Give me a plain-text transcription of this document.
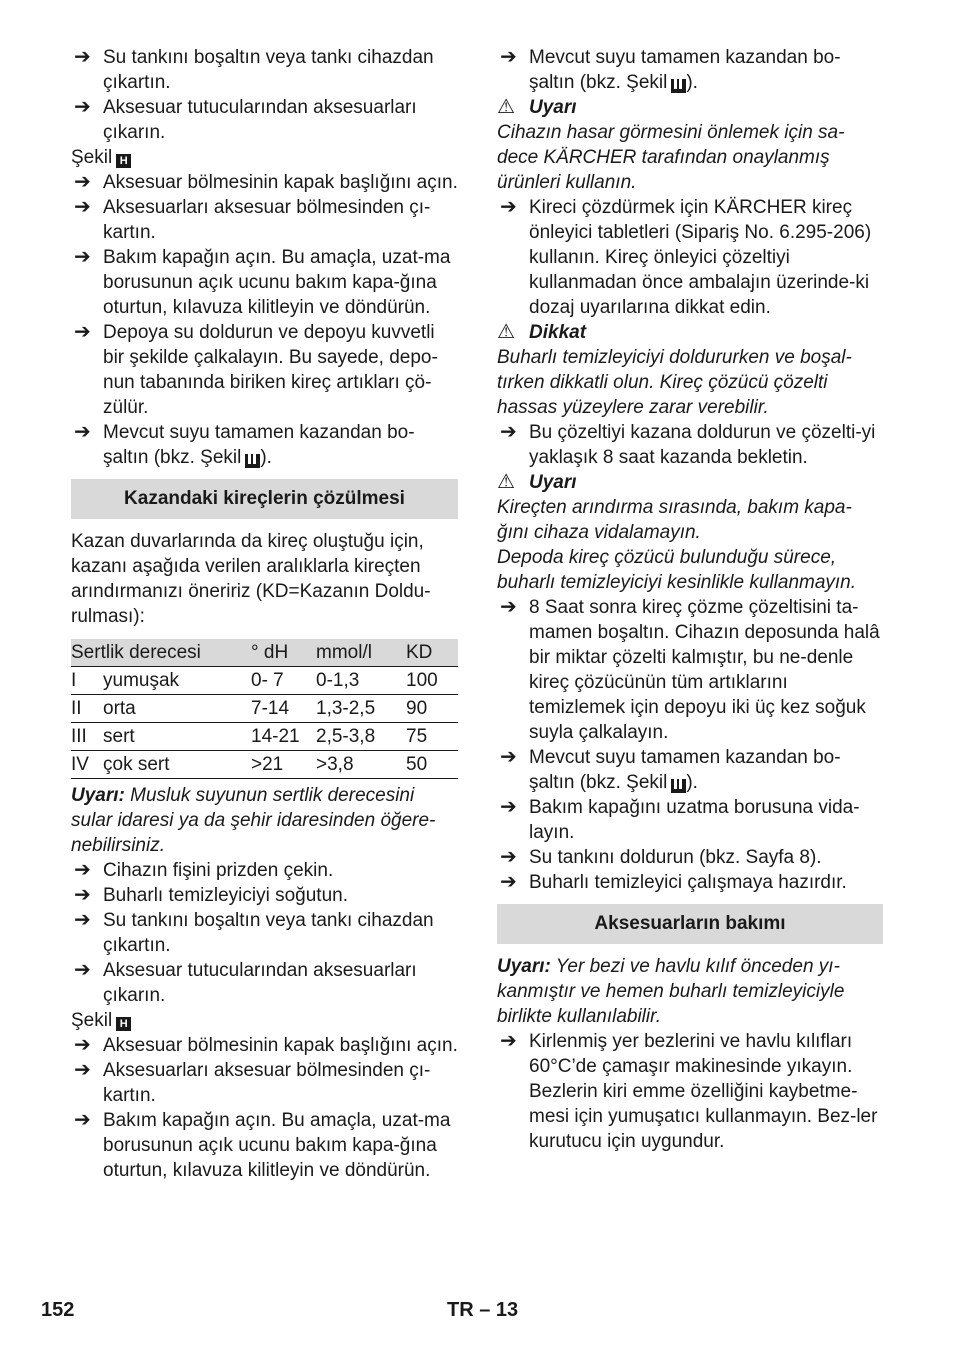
➔ Su tankını boşaltın veya tankı cihazdan çıkartın.
➔ Aksesuar tutucularından aksesuarları çıkarın.
Şekil H
➔ Aksesuar bölmesinin kapak başlığını açın.
➔ Aksesuarları aksesuar bölmesinden çı-kartın.
➔ Bakım kapağın açın. Bu amaçla, uzat-ma borusunun açık ucunu bakım kapa-ğına oturtun, kılavuza kilitleyin ve döndürün.
➔ Depoya su doldurun ve depoyu kuvvetli bir şekilde çalkalayın. Bu sayede, depo-nun tabanında biriken kireç artıkları çö-zülür.
➔ Mevcut suyu tamamen kazandan bo-şaltın (bkz. Şekil ).
Kazandaki kireçlerin çözülmesi
Kazan duvarlarında da kireç oluştuğu için, kazanı aşağıda verilen aralıklarla kireçten arındırmanızı öneririz (KD=Kazanın Doldu-rulması):
Sertlik derecesi		° dH	mmol/l	KD
I	yumuşak	0- 7	0-1,3	100
II	orta	7-14	1,3-2,5	90
III	sert	14-21	2,5-3,8	75
IV	çok sert	>21	>3,8	50
Uyarı: Musluk suyunun sertlik derecesini sular idaresi ya da şehir idaresinden öğere-nebilirsiniz.
➔ Cihazın fişini prizden çekin.
➔ Buharlı temizleyiciyi soğutun.
➔ Su tankını boşaltın veya tankı cihazdan çıkartın.
➔ Aksesuar tutucularından aksesuarları çıkarın.
Şekil H
➔ Aksesuar bölmesinin kapak başlığını açın.
➔ Aksesuarları aksesuar bölmesinden çı-kartın.
➔ Bakım kapağın açın. Bu amaçla, uzat-ma borusunun açık ucunu bakım kapa-ğına oturtun, kılavuza kilitleyin ve döndürün.
➔ Mevcut suyu tamamen kazandan bo-şaltın (bkz. Şekil ).
⚠ Uyarı
Cihazın hasar görmesini önlemek için sa-dece KÄRCHER tarafından onaylanmış ürünleri kullanın.
➔ Kireci çözdürmek için KÄRCHER kireç önleyici tabletleri (Sipariş No. 6.295-206) kullanın. Kireç önleyici çözeltiyi kullanmadan önce ambalajın üzerinde-ki dozaj uyarılarına dikkat edin.
⚠ Dikkat
Buharlı temizleyiciyi doldururken ve boşal-tırken dikkatli olun. Kireç çözücü çözelti hassas yüzeylere zarar verebilir.
➔ Bu çözeltiyi kazana doldurun ve çözelti-yi yaklaşık 8 saat kazanda bekletin.
⚠ Uyarı
Kireçten arındırma sırasında, bakım kapa-ğını cihaza vidalamayın.
Depoda kireç çözücü bulunduğu sürece, buharlı temizleyiciyi kesinlikle kullanmayın.
➔ 8 Saat sonra kireç çözme çözeltisini ta-mamen boşaltın. Cihazın deposunda halâ bir miktar çözelti kalmıştır, bu ne-denle kireç çözücünün tüm artıklarını temizlemek için depoyu iki üç kez soğuk suyla çalkalayın.
➔ Mevcut suyu tamamen kazandan bo-şaltın (bkz. Şekil ).
➔ Bakım kapağını uzatma borusuna vida-layın.
➔ Su tankını doldurun (bkz. Sayfa 8).
➔ Buharlı temizleyici çalışmaya hazırdır.
Aksesuarların bakımı
Uyarı: Yer bezi ve havlu kılıf önceden yı-kanmıştır ve hemen buharlı temizleyiciyle birlikte kullanılabilir.
➔ Kirlenmiş yer bezlerini ve havlu kılıfları 60°C’de çamaşır makinesinde yıkayın. Bezlerin kiri emme özelliğini kaybetme-mesi için yumuşatıcı kullanmayın. Bez-ler kurutucu için uygundur.
152	TR – 13
